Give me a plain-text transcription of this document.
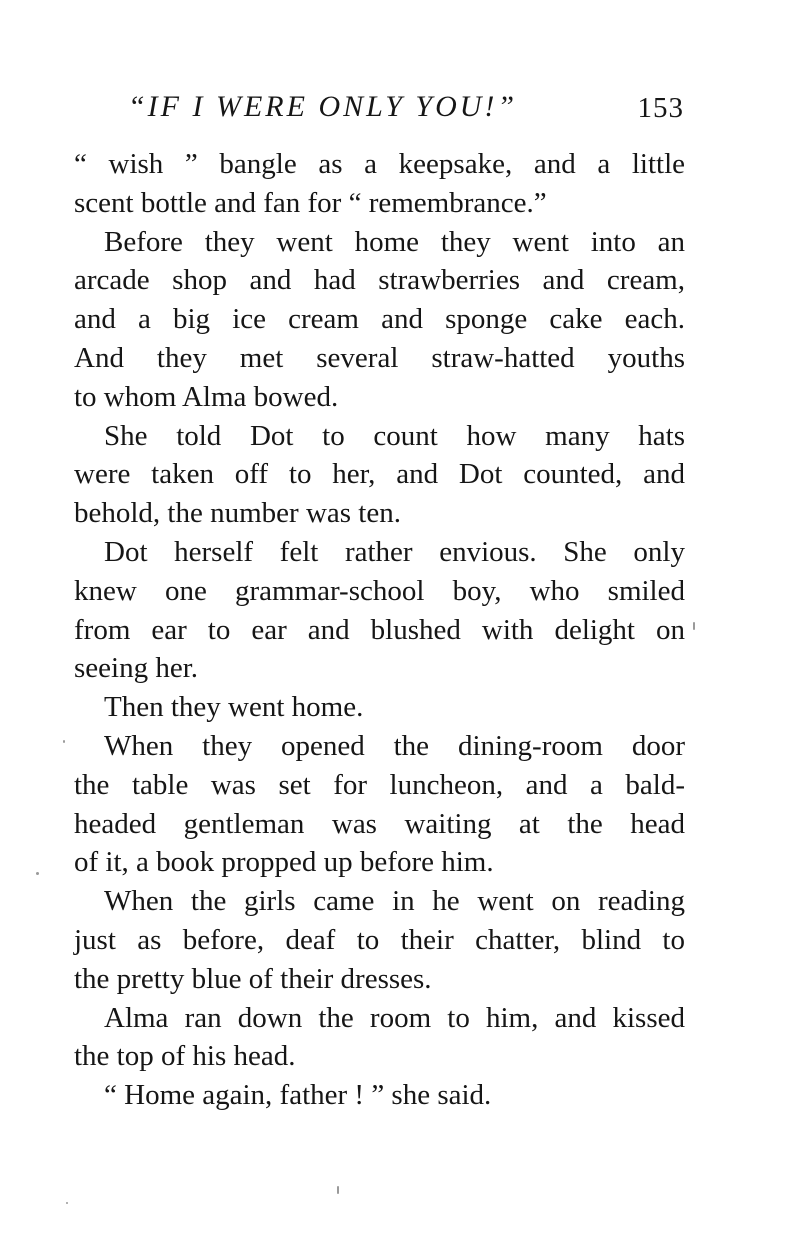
“IF I WERE ONLY YOU!”	153
“ wish ” bangle as a keepsake, and a little
scent bottle and fan for “ remembrance.”
Before they went home they went into an
arcade shop and had strawberries and cream,
and a big ice cream and sponge cake each.
And they met several straw-hatted youths
to whom Alma bowed.
She told Dot to count how many hats
were taken off to her, and Dot counted, and
behold, the number was ten.
Dot herself felt rather envious. She only
knew one grammar-school boy, who smiled
from ear to ear and blushed with delight on
seeing her.
Then they went home.
When they opened the dining-room door
the table was set for luncheon, and a bald-
headed gentleman was waiting at the head
of it, a book propped up before him.
When the girls came in he went on reading
just as before, deaf to their chatter, blind to
the pretty blue of their dresses.
Alma ran down the room to him, and kissed
the top of his head.
“ Home again, father ! ” she said.
